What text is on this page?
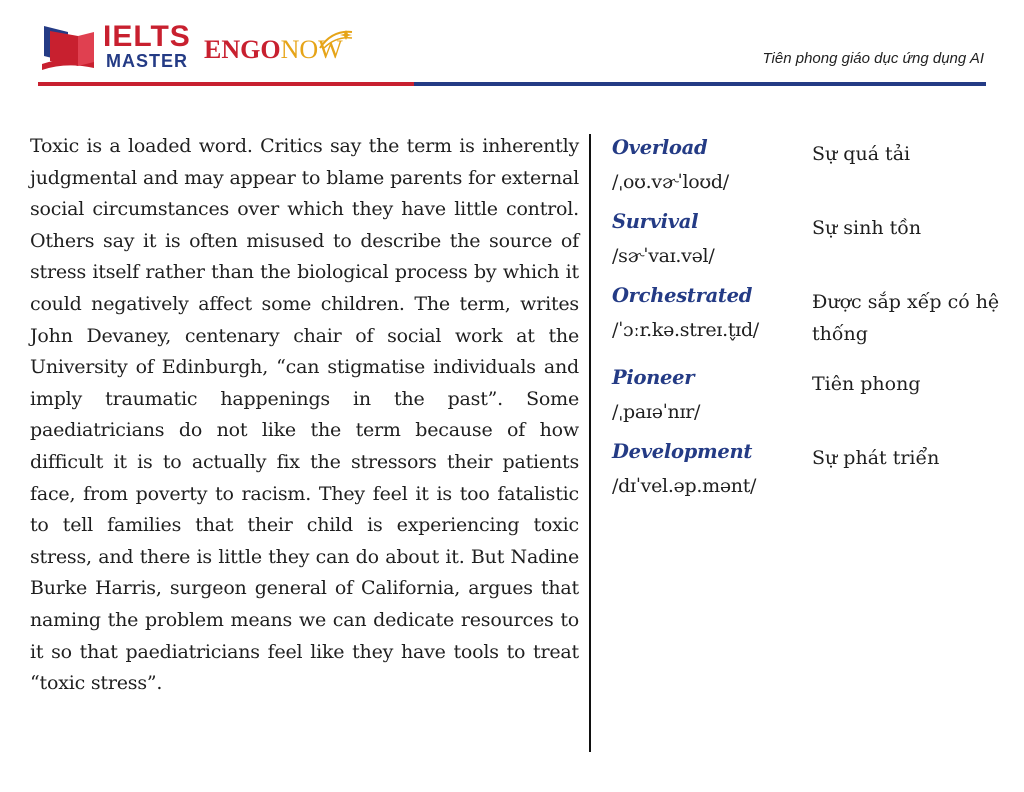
IELTS
MASTER ENGONOW	Tiên phong giáo dục ứng dụng AI

Toxic is a loaded word. Critics say the term is inherently judgmental and may appear to blame parents for external social circumstances over which they have little control. Others say it is often misused to describe the source of stress itself rather than the biological process by which it could negatively affect some children. The term, writes John Devaney, centenary chair of social work at the University of Edinburgh, “can stigmatise individuals and imply traumatic happenings in the past”. Some paediatricians do not like the term because of how difficult it is to actually fix the stressors their patients face, from poverty to racism. They feel it is too fatalistic to tell families that their child is experiencing toxic stress, and there is little they can do about it. But Nadine Burke Harris, surgeon general of California, argues that naming the problem means we can dedicate resources to it so that paediatricians feel like they have tools to treat “toxic stress”.

Overload
/ˌoʊ.vɚˈloʊd/
Sự quá tải
Survival
/sɚˈvaɪ.vəl/
Sự sinh tồn
Orchestrated
/ˈɔːr.kə.streɪ.t̬ɪd/
Được sắp xếp có hệ thống
Pioneer
/ˌpaɪəˈnɪr/
Tiên phong
Development
/dɪˈvel.əp.mənt/
Sự phát triển
